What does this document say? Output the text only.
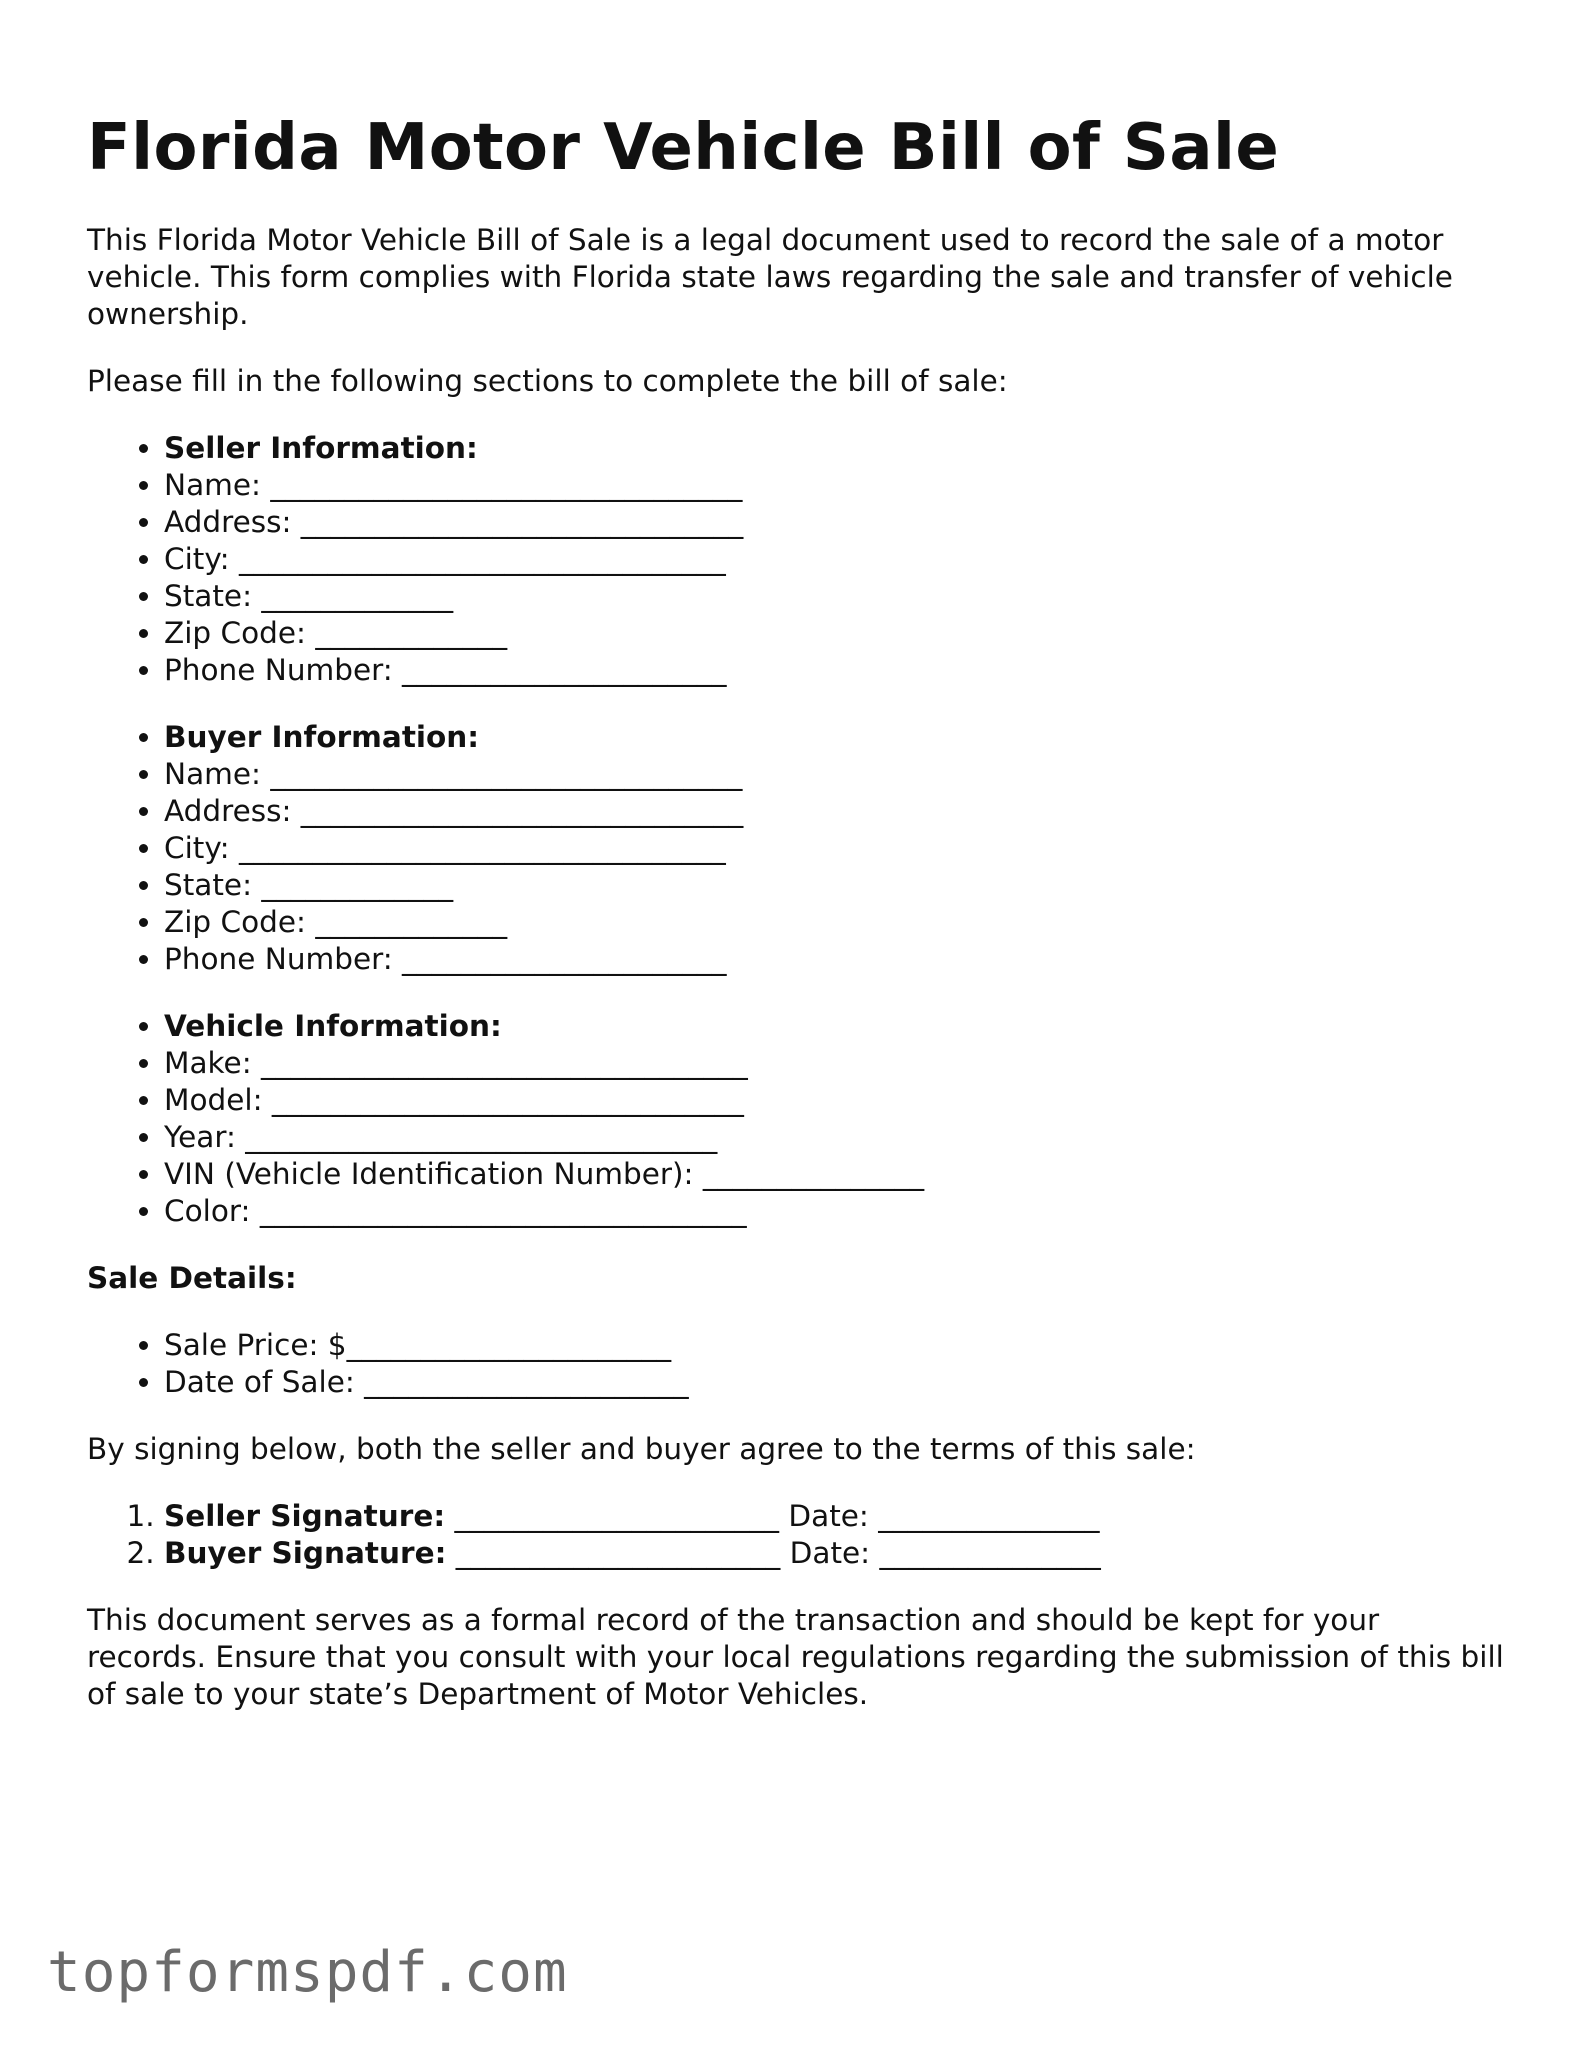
Florida Motor Vehicle Bill of Sale

This Florida Motor Vehicle Bill of Sale is a legal document used to record the sale of a motor vehicle. This form complies with Florida state laws regarding the sale and transfer of vehicle ownership.

Please fill in the following sections to complete the bill of sale:

• Seller Information:
• Name: ________________________________
• Address: ______________________________
• City: _________________________________
• State: _____________
• Zip Code: _____________
• Phone Number: ______________________
• Buyer Information:
• Name: ________________________________
• Address: ______________________________
• City: _________________________________
• State: _____________
• Zip Code: _____________
• Phone Number: ______________________
• Vehicle Information:
• Make: _________________________________
• Model: ________________________________
• Year: ________________________________
• VIN (Vehicle Identification Number): _______________
• Color: _________________________________

Sale Details:

• Sale Price: $______________________
• Date of Sale: ______________________

By signing below, both the seller and buyer agree to the terms of this sale:

1. Seller Signature: ______________________ Date: _______________
2. Buyer Signature: ______________________ Date: _______________

This document serves as a formal record of the transaction and should be kept for your records. Ensure that you consult with your local regulations regarding the submission of this bill of sale to your state’s Department of Motor Vehicles.

topformspdf.com
